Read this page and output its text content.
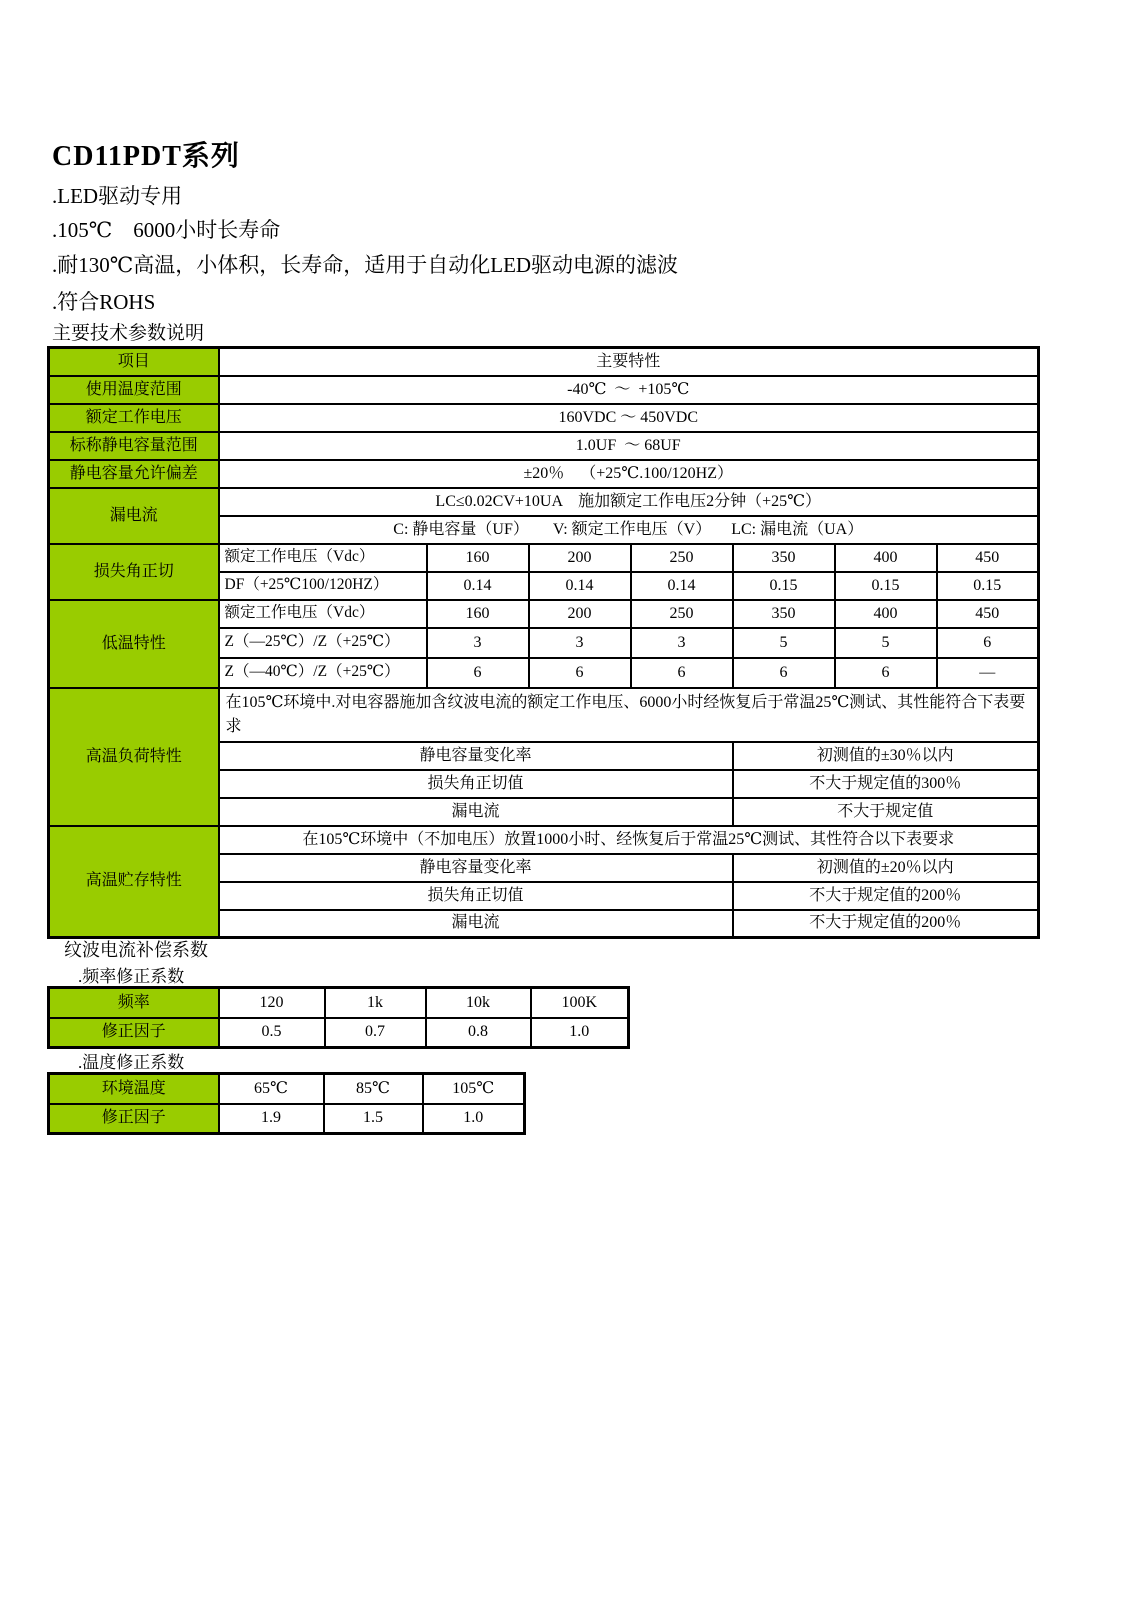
CD11PDT系列
.LED驱动专用
.105℃    6000小时长寿命
.耐130℃高温，小体积，长寿命，适用于自动化LED驱动电源的滤波
.符合ROHS
主要技术参数说明
项目	主要特性						
使用温度范围	-40℃  ～  +105℃						
额定工作电压	160VDC ～ 450VDC						
标称静电容量范围	1.0UF  ～ 68UF						
静电容量允许偏差	±20％    （+25℃.100/120HZ）						
漏电流	LC≤0.02CV+10UA    施加额定工作电压2分钟（+25℃）						
	C: 静电容量（UF）      V: 额定工作电压（V）     LC: 漏电流（UA）						
损失角正切	额定工作电压（Vdc）	160	200	250	350	400	450
	DF（+25℃100/120HZ）	0.14	0.14	0.14	0.15	0.15	0.15
低温特性	额定工作电压（Vdc）	160	200	250	350	400	450
	Z（—25℃）/Z（+25℃）	3	3	3	5	5	6
	Z（—40℃）/Z（+25℃）	6	6	6	6	6	—
高温负荷特性	在105℃环境中.对电容器施加含纹波电流的额定工作电压、6000小时经恢复后于常温25℃测试、其性能符合下表要求						
	静电容量变化率				初测值的±30％以内		
	损失角正切值				不大于规定值的300％		
	漏电流				不大于规定值		
高温贮存特性	在105℃环境中（不加电压）放置1000小时、经恢复后于常温25℃测试、其性符合以下表要求						
	静电容量变化率				初测值的±20％以内		
	损失角正切值				不大于规定值的200％		
	漏电流				不大于规定值的200％		
纹波电流补偿系数
.频率修正系数
频率	120	1k	10k	100K
修正因子	0.5	0.7	0.8	1.0
.温度修正系数
环境温度	65℃	85℃	105℃
修正因子	1.9	1.5	1.0
